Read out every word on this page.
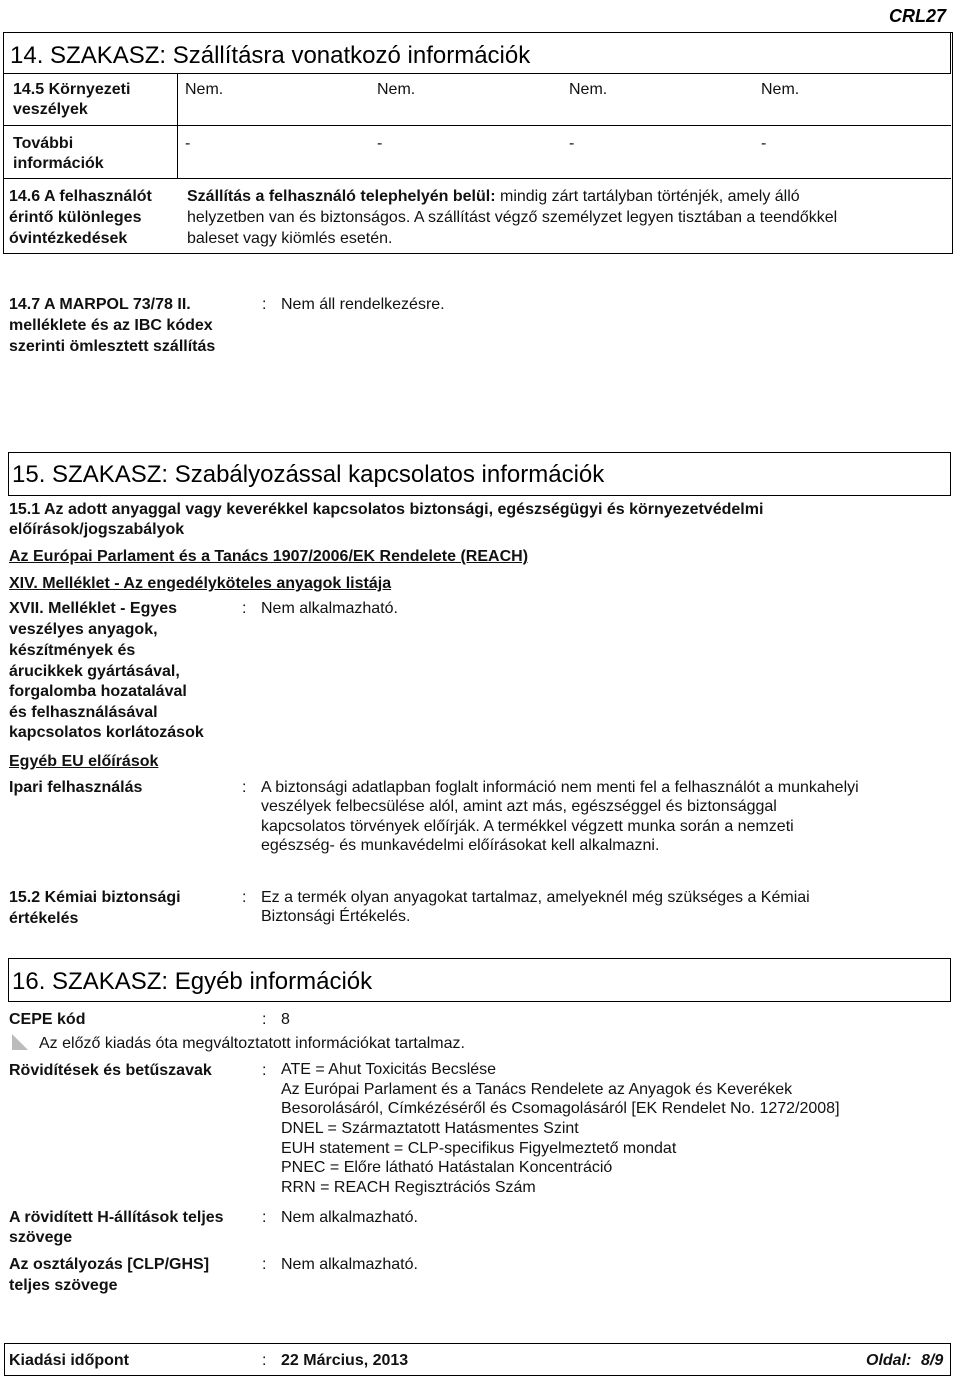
CRL27
14. SZAKASZ: Szállításra vonatkozó információk
14.5 Környezeti
veszélyek
Nem.	Nem.	Nem.	Nem.
További
információk
-	-	-	-
14.6 A felhasználót
érintő különleges
óvintézkedések
Szállítás a felhasználó telephelyén belül: mindig zárt tartályban történjék, amely álló
helyzetben van és biztonságos. A szállítást végző személyzet legyen tisztában a teendőkkel
baleset vagy kiömlés esetén.
14.7 A MARPOL 73/78 II.
melléklete és az IBC kódex
szerinti ömlesztett szállítás
: Nem áll rendelkezésre.
15. SZAKASZ: Szabályozással kapcsolatos információk
15.1 Az adott anyaggal vagy keverékkel kapcsolatos biztonsági, egészségügyi és környezetvédelmi
előírások/jogszabályok
Az Európai Parlament és a Tanács 1907/2006/EK Rendelete (REACH)
XIV. Melléklet - Az engedélyköteles anyagok listája
XVII. Melléklet - Egyes
veszélyes anyagok,
készítmények és
árucikkek gyártásával,
forgalomba hozatalával
és felhasználásával
kapcsolatos korlátozások
: Nem alkalmazható.
Egyéb EU előírások
Ipari felhasználás	: A biztonsági adatlapban foglalt információ nem menti fel a felhasználót a munkahelyi
veszélyek felbecsülése alól, amint azt más, egészséggel és biztonsággal
kapcsolatos törvények előírják. A termékkel végzett munka során a nemzeti
egészség- és munkavédelmi előírásokat kell alkalmazni.
15.2 Kémiai biztonsági
értékelés
: Ez a termék olyan anyagokat tartalmaz, amelyeknél még szükséges a Kémiai
Biztonsági Értékelés.
16. SZAKASZ: Egyéb információk
CEPE kód	: 8
Az előző kiadás óta megváltoztatott információkat tartalmaz.
Rövidítések és betűszavak	: ATE = Ahut Toxicitás Becslése
Az Európai Parlament és a Tanács Rendelete az Anyagok és Keverékek
Besorolásáról, Címkézéséről és Csomagolásáról [EK Rendelet No. 1272/2008]
DNEL = Származtatott Hatásmentes Szint
EUH statement = CLP-specifikus Figyelmeztető mondat
PNEC = Előre látható Hatástalan Koncentráció
RRN = REACH Regisztrációs Szám
A rövidített H-állítások teljes
szövege
: Nem alkalmazható.
Az osztályozás [CLP/GHS]
teljes szövege
: Nem alkalmazható.
Kiadási időpont	: 22 Március, 2013	Oldal: 8/9
